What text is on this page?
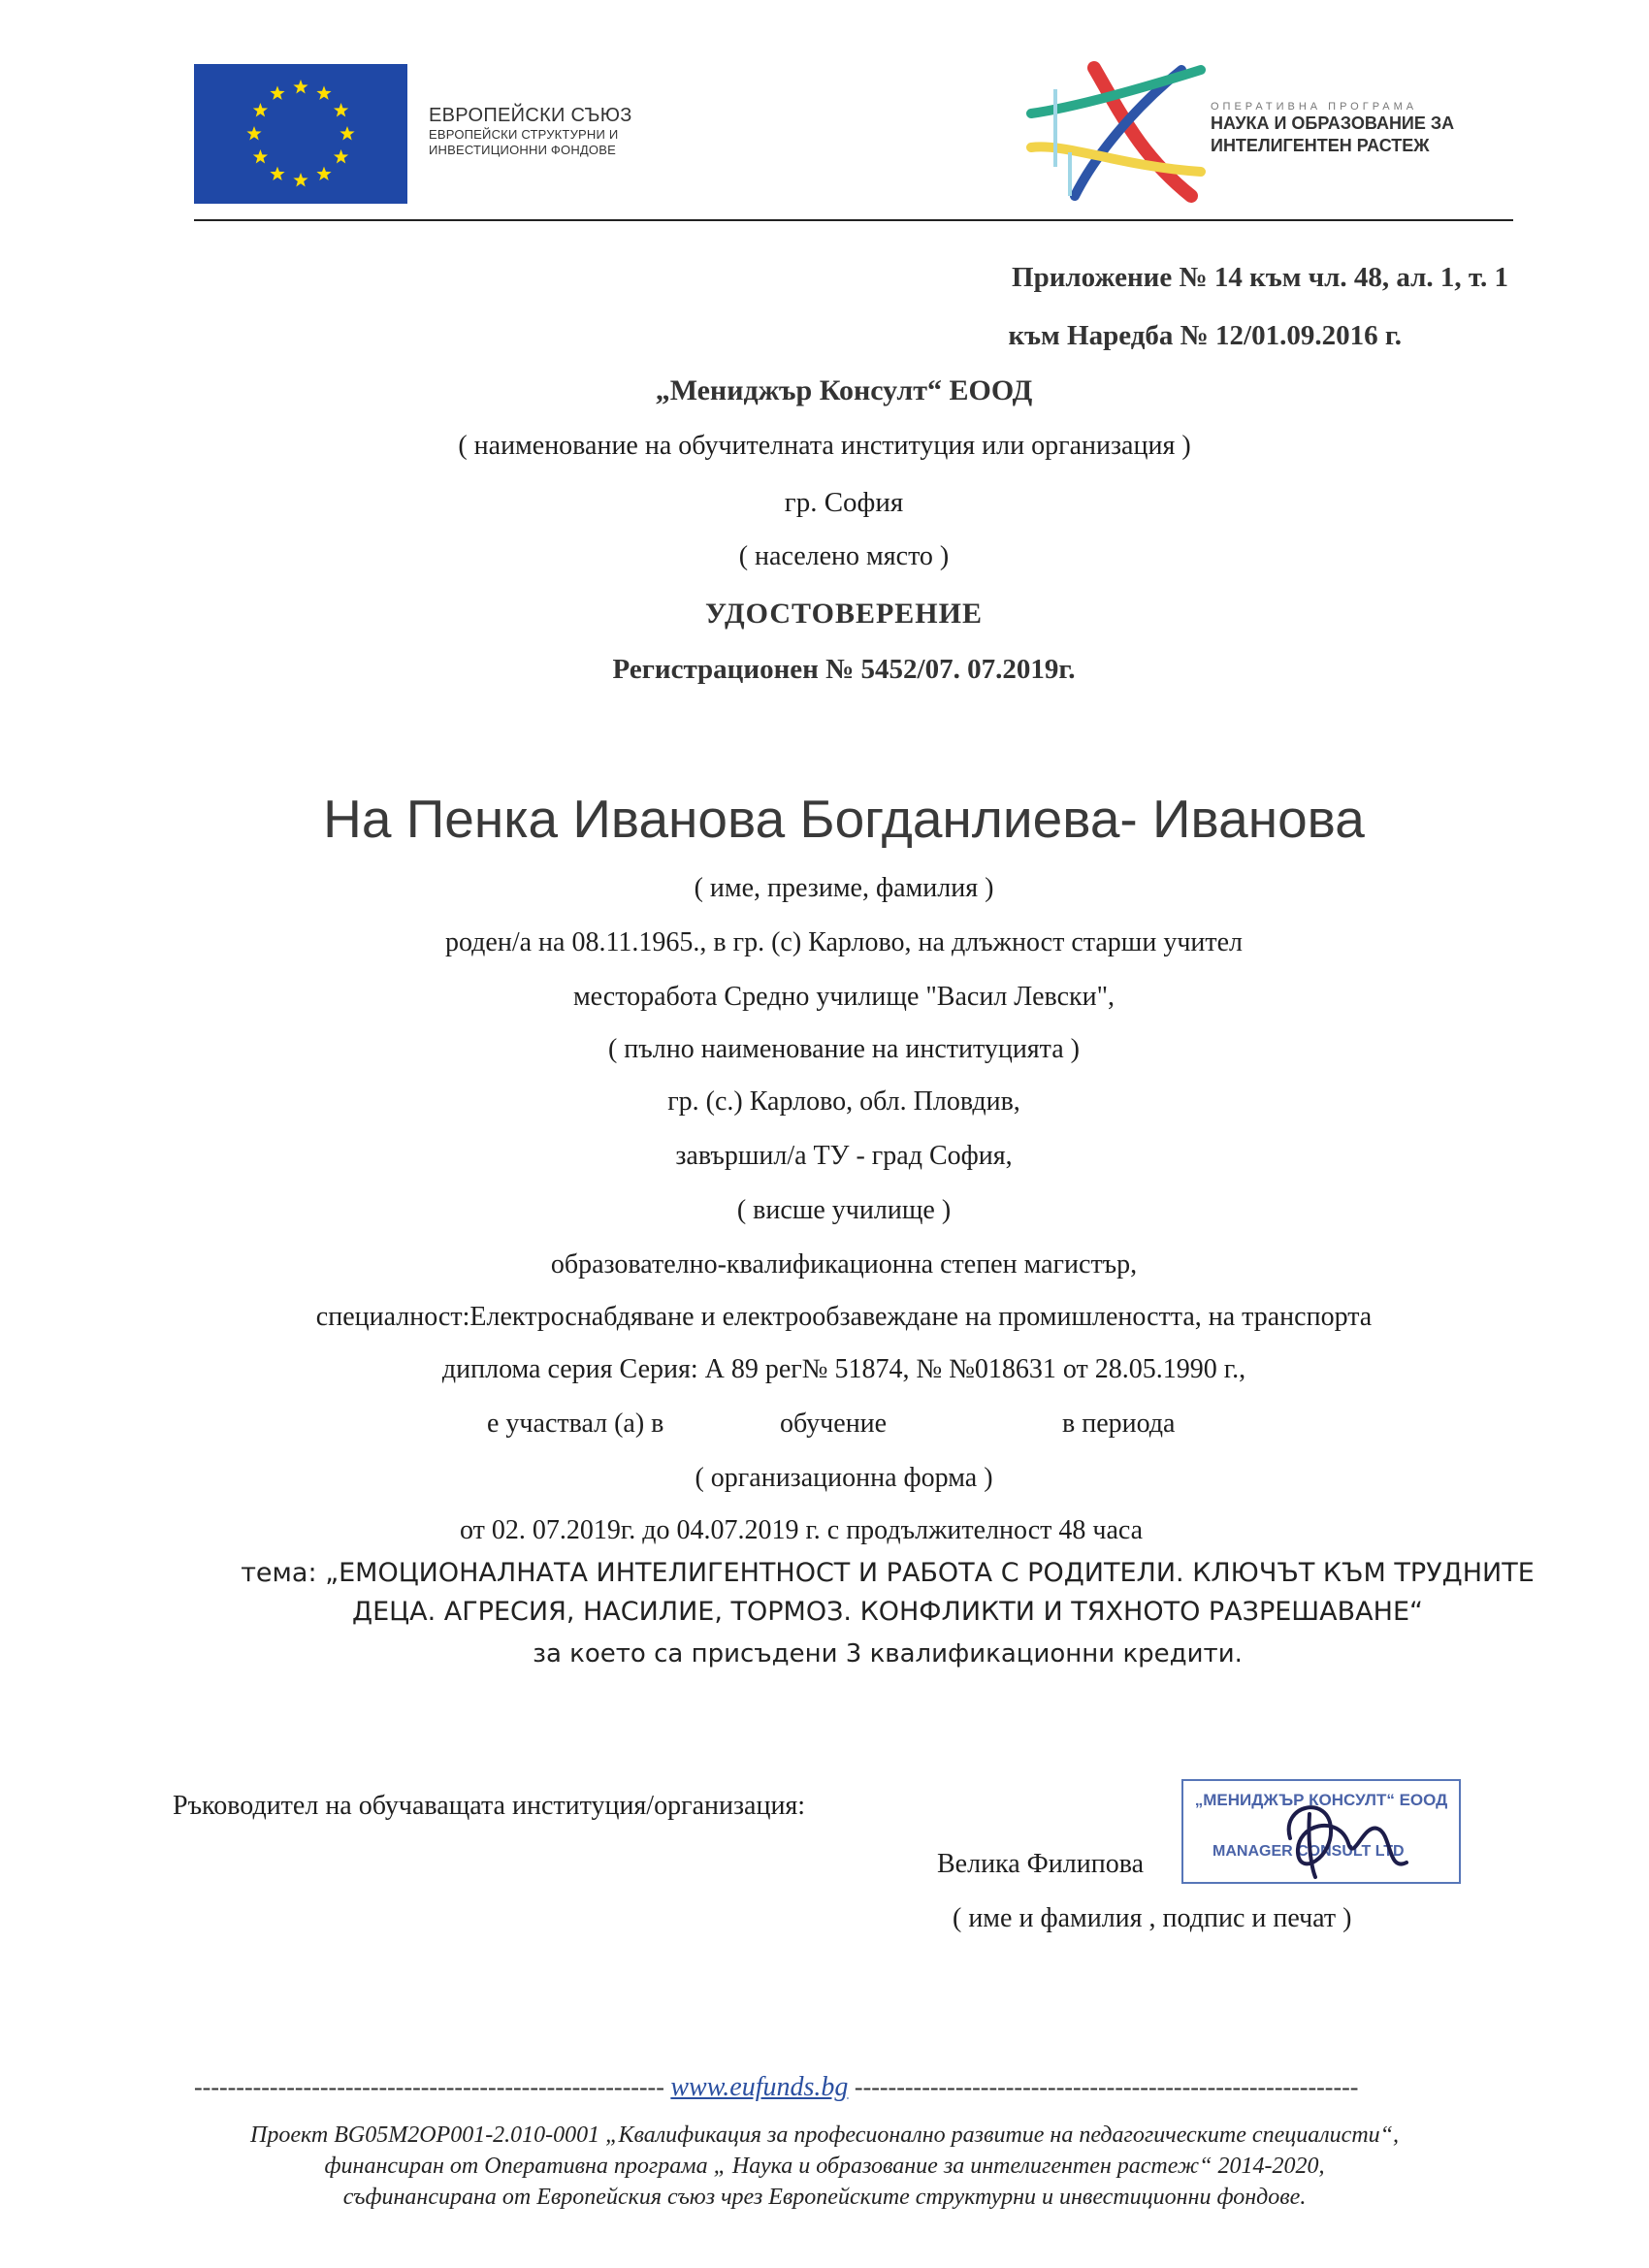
ЕВРОПЕЙСКИ СЪЮЗ
ЕВРОПЕЙСКИ СТРУКТУРНИ И
ИНВЕСТИЦИОННИ ФОНДОВЕ
ОПЕРАТИВНА ПРОГРАМА
НАУКА И ОБРАЗОВАНИЕ ЗА
ИНТЕЛИГЕНТЕН РАСТЕЖ
Приложение № 14 към чл. 48, ал. 1, т. 1
към Наредба № 12/01.09.2016 г.
„Мениджър Консулт“ ЕООД
( наименование на обучителната институция или организация )
гр. София
( населено място )
УДОСТОВЕРЕНИЕ
Регистрационен № 5452/07. 07.2019г.
На Пенка Иванова Богданлиева- Иванова
( име, презиме, фамилия )
роден/а на 08.11.1965., в гр. (с) Карлово, на длъжност старши учител
месторабота Средно училище "Васил Левски",
( пълно наименование на институцията )
гр. (с.) Карлово, обл. Пловдив,
завършил/а ТУ - град София,
( висше училище )
образователно-квалификационна степен магистър,
специалност:Електроснабдяване и електрообзавеждане на промишлеността, на транспорта
диплома серия Серия: А 89 рег№ 51874, № №018631 от 28.05.1990 г.,
е участвал (а) в	обучение	в периода
( организационна форма )
от 02. 07.2019г. до 04.07.2019 г. с продължителност 48 часа
тема: „ЕМОЦИОНАЛНАТА ИНТЕЛИГЕНТНОСТ И РАБОТА С РОДИТЕЛИ. КЛЮЧЪТ КЪМ ТРУДНИТЕ
ДЕЦА. АГРЕСИЯ, НАСИЛИЕ, ТОРМОЗ. КОНФЛИКТИ И ТЯХНОТО РАЗРЕШАВАНЕ“
за което са присъдени 3 квалификационни кредити.
Ръководител на обучаващата институция/организация:	„МЕНИДЖЪР КОНСУЛТ“ ЕООД
MANAGER CONSULT LTD
Велика Филипова
( име и фамилия , подпис и печат )
-------------------------------------------------------- www.eufunds.bg ------------------------------------------------------------
Проект BG05M2OP001-2.010-0001 „Квалификация за професионално развитие на педагогическите специалисти“,
финансиран от Оперативна програма „ Наука и образование за интелигентен растеж“ 2014-2020,
съфинансирана от Европейския съюз чрез Европейските структурни и инвестиционни фондове.
